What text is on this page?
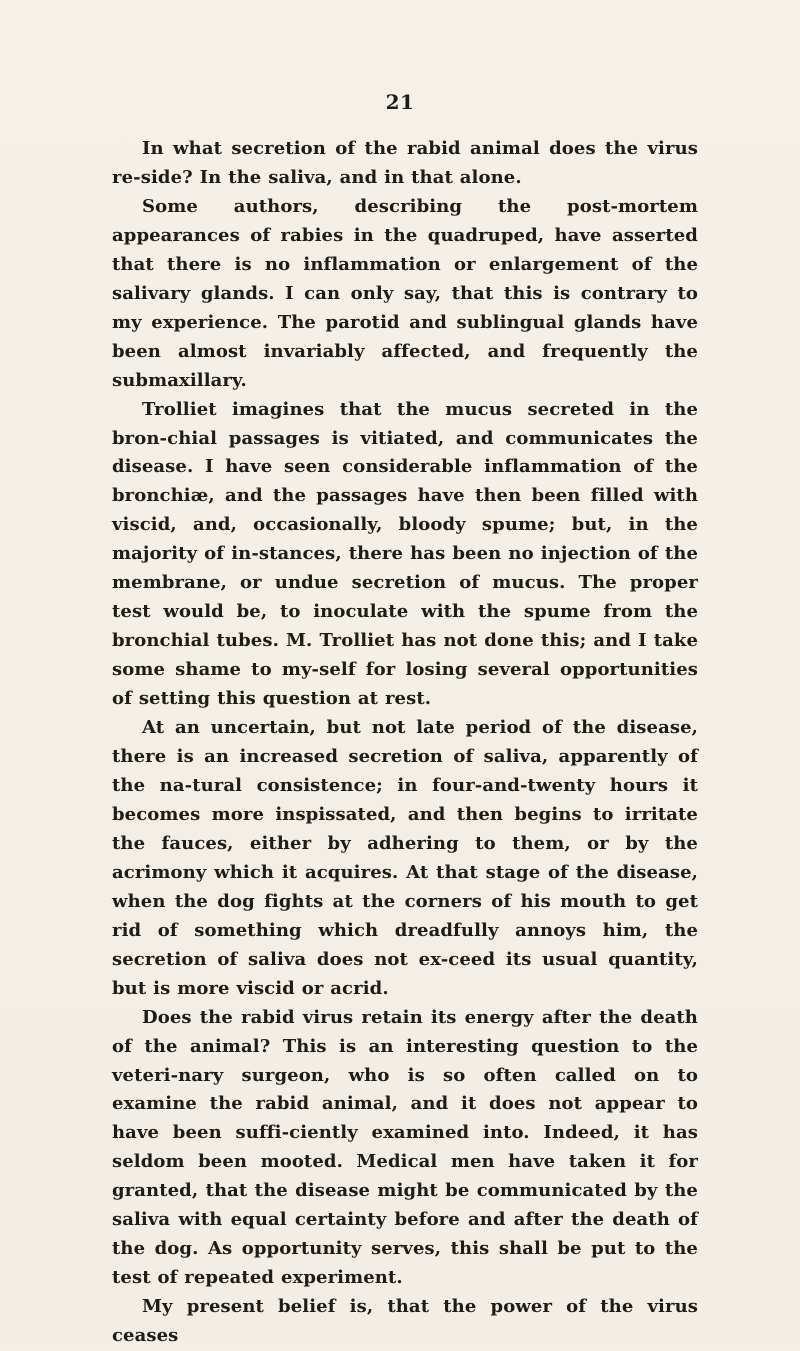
21

In what secretion of the rabid animal does the virus re-side? In the saliva, and in that alone.

Some authors, describing the post-mortem appearances of rabies in the quadruped, have asserted that there is no inflammation or enlargement of the salivary glands. I can only say, that this is contrary to my experience. The parotid and sublingual glands have been almost invariably affected, and frequently the submaxillary.

Trolliet imagines that the mucus secreted in the bron-chial passages is vitiated, and communicates the disease. I have seen considerable inflammation of the bronchiæ, and the passages have then been filled with viscid, and, occasionally, bloody spume; but, in the majority of in-stances, there has been no injection of the membrane, or undue secretion of mucus. The proper test would be, to inoculate with the spume from the bronchial tubes. M. Trolliet has not done this; and I take some shame to my-self for losing several opportunities of setting this question at rest.

At an uncertain, but not late period of the disease, there is an increased secretion of saliva, apparently of the na-tural consistence; in four-and-twenty hours it becomes more inspissated, and then begins to irritate the fauces, either by adhering to them, or by the acrimony which it acquires. At that stage of the disease, when the dog fights at the corners of his mouth to get rid of something which dreadfully annoys him, the secretion of saliva does not ex-ceed its usual quantity, but is more viscid or acrid.

Does the rabid virus retain its energy after the death of the animal? This is an interesting question to the veteri-nary surgeon, who is so often called on to examine the rabid animal, and it does not appear to have been suffi-ciently examined into. Indeed, it has seldom been mooted. Medical men have taken it for granted, that the disease might be communicated by the saliva with equal certainty before and after the death of the dog. As opportunity serves, this shall be put to the test of repeated experiment.

My present belief is, that the power of the virus ceases
